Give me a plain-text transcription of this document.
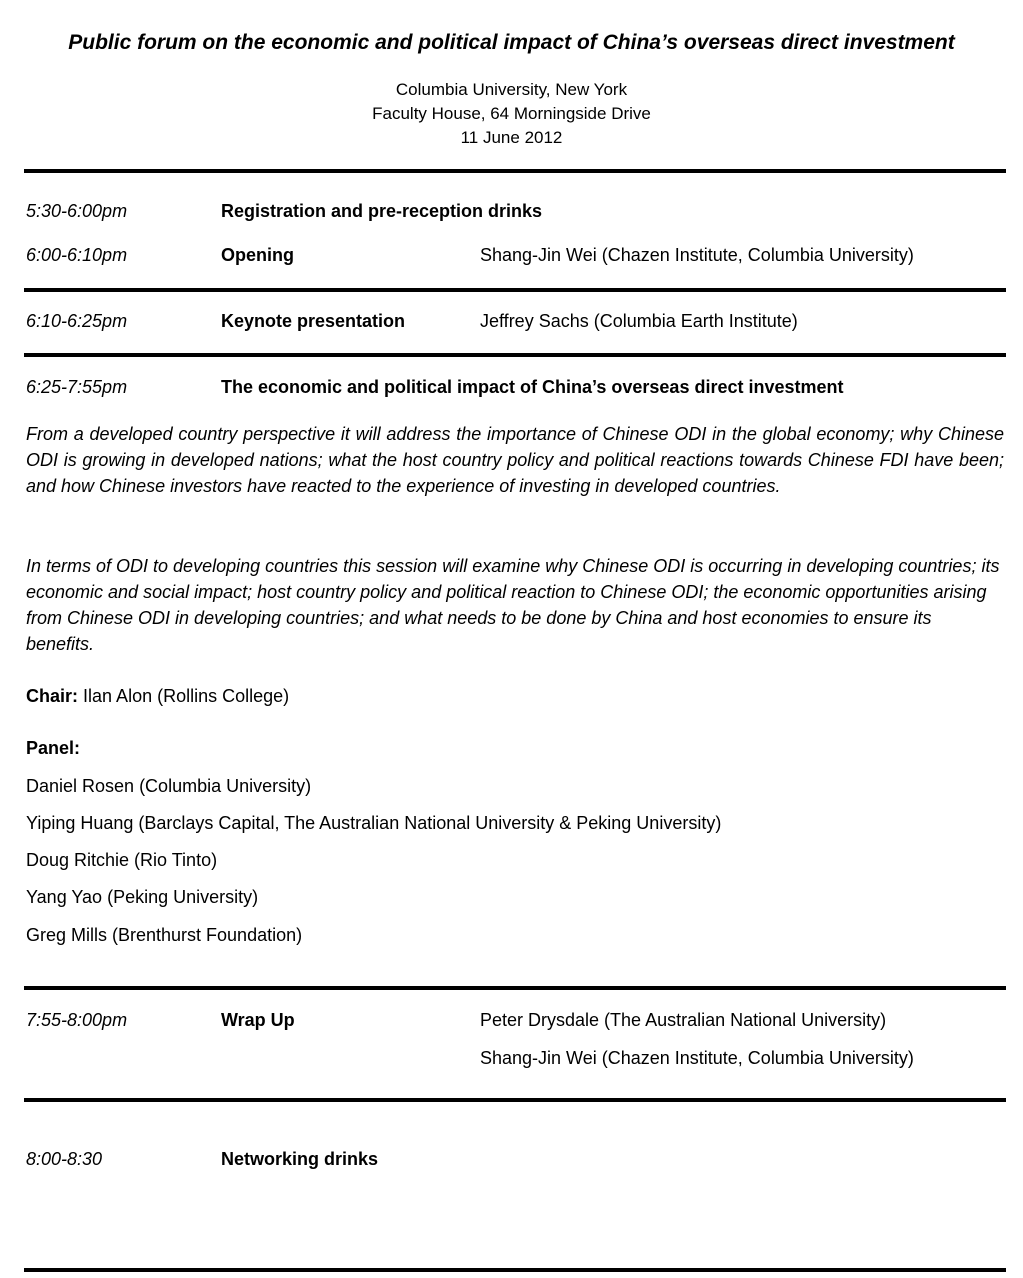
Public forum on the economic and political impact of China’s overseas direct investment
Columbia University, New York
Faculty House, 64 Morningside Drive
11 June 2012
5:30-6:00pm	Registration and pre-reception drinks
6:00-6:10pm	Opening	Shang-Jin Wei (Chazen Institute, Columbia University)
6:10-6:25pm	Keynote presentation	Jeffrey Sachs (Columbia Earth Institute)
6:25-7:55pm	The economic and political impact of China’s overseas direct investment

From a developed country perspective it will address the importance of Chinese ODI in the global economy; why Chinese ODI is growing in developed nations; what the host country policy and political reactions towards Chinese FDI have been; and how Chinese investors have reacted to the experience of investing in developed countries.

In terms of ODI to developing countries this session will examine why Chinese ODI is occurring in developing countries; its economic and social impact; host country policy and political reaction to Chinese ODI; the economic opportunities arising from Chinese ODI in developing countries; and what needs to be done by China and host economies to ensure its benefits.

Chair: Ilan Alon (Rollins College)
Panel:
Daniel Rosen (Columbia University)
Yiping Huang (Barclays Capital, The Australian National University & Peking University)
Doug Ritchie (Rio Tinto)
Yang Yao (Peking University)
Greg Mills (Brenthurst Foundation)
7:55-8:00pm	Wrap Up	Peter Drysdale (The Australian National University)
Shang-Jin Wei (Chazen Institute, Columbia University)
8:00-8:30	Networking drinks
